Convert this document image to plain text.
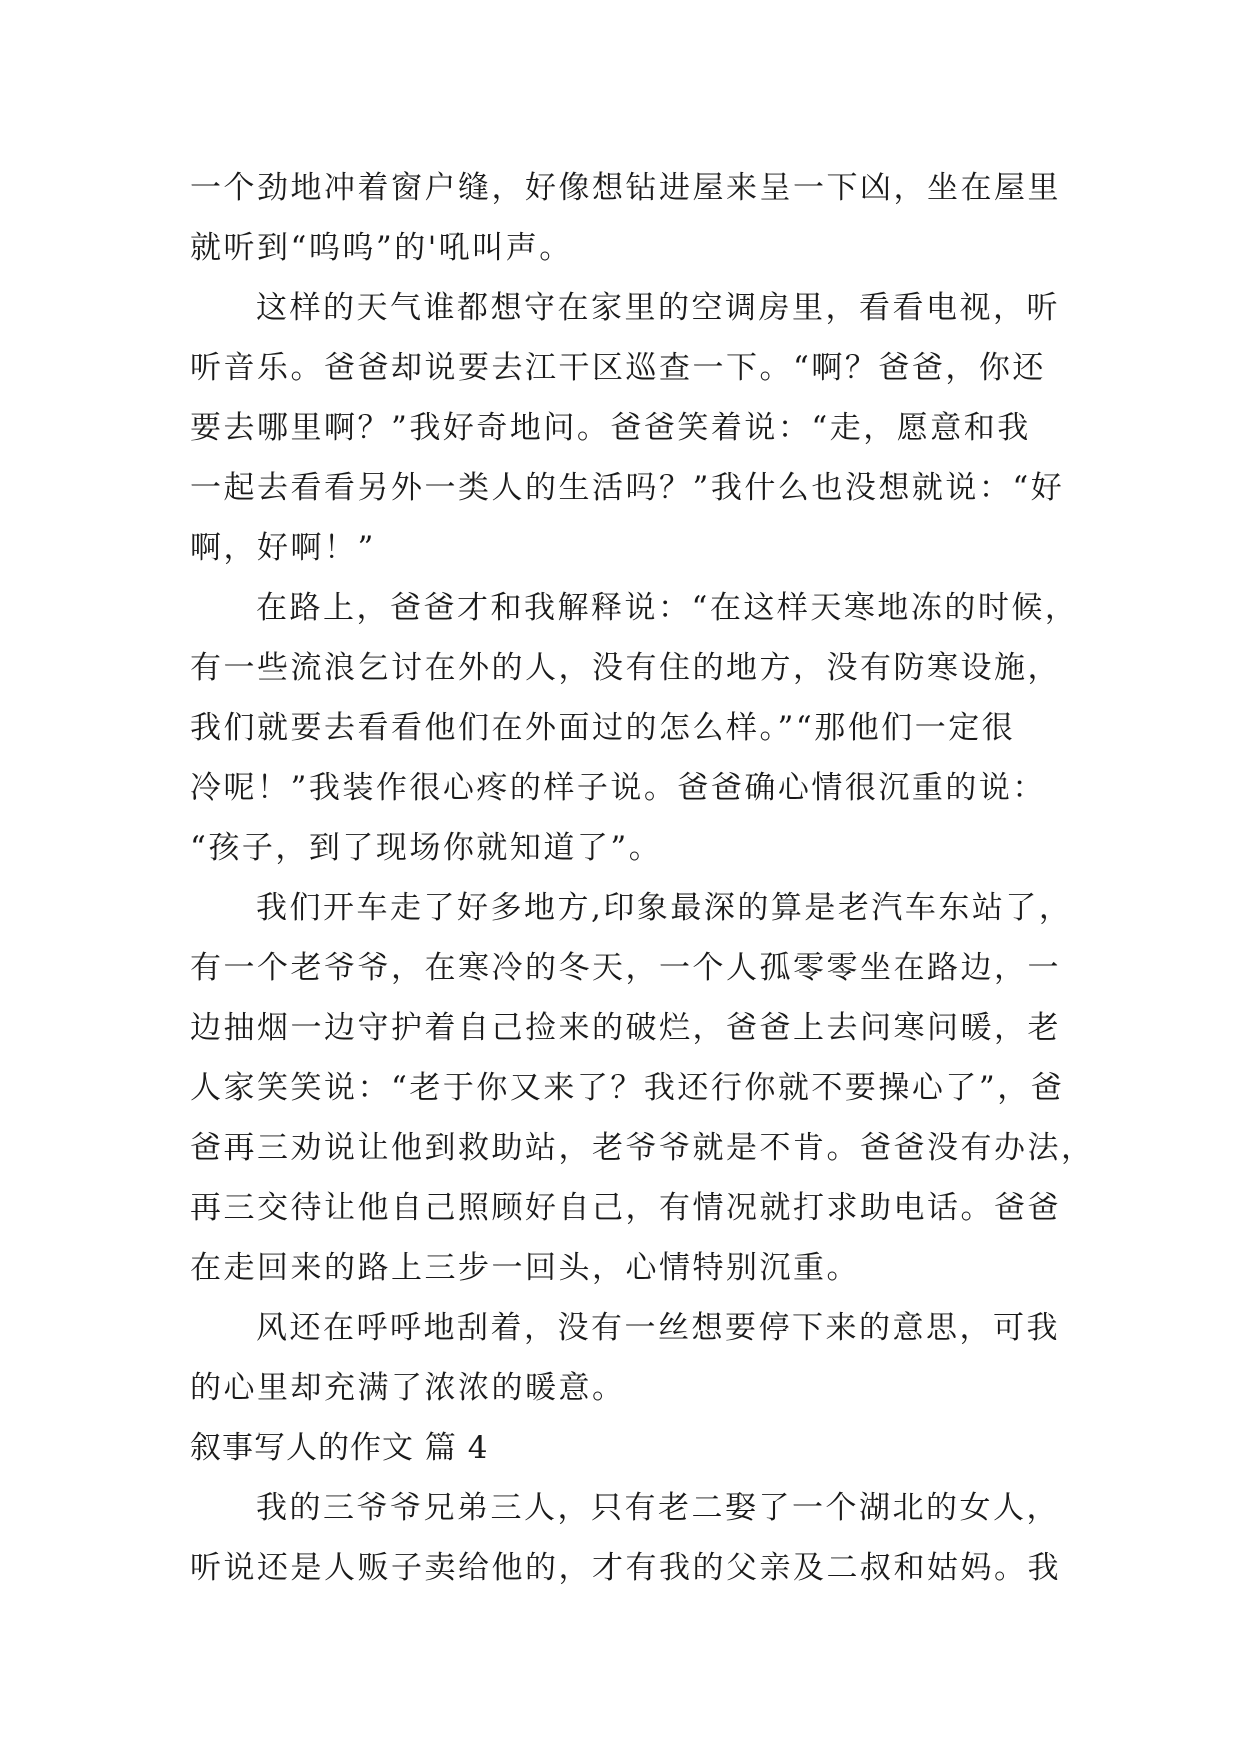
一个劲地冲着窗户缝，好像想钻进屋来呈一下凶，坐在屋里
就听到“呜呜”的'吼叫声。
这样的天气谁都想守在家里的空调房里，看看电视，听
听音乐。爸爸却说要去江干区巡查一下。“啊？爸爸，你还
要去哪里啊？”我好奇地问。爸爸笑着说：“走，愿意和我
一起去看看另外一类人的生活吗？”我什么也没想就说：“好
啊，好啊！”
在路上，爸爸才和我解释说：“在这样天寒地冻的时候，
有一些流浪乞讨在外的人，没有住的地方，没有防寒设施，
我们就要去看看他们在外面过的怎么样。”“那他们一定很
冷呢！”我装作很心疼的样子说。爸爸确心情很沉重的说：
“孩子，到了现场你就知道了”。
我们开车走了好多地方,印象最深的算是老汽车东站了，
有一个老爷爷，在寒冷的冬天，一个人孤零零坐在路边，一
边抽烟一边守护着自己捡来的破烂，爸爸上去问寒问暖，老
人家笑笑说：“老于你又来了？我还行你就不要操心了”，爸
爸再三劝说让他到救助站，老爷爷就是不肯。爸爸没有办法，
再三交待让他自己照顾好自己，有情况就打求助电话。爸爸
在走回来的路上三步一回头，心情特别沉重。
风还在呼呼地刮着，没有一丝想要停下来的意思，可我
的心里却充满了浓浓的暖意。
叙事写人的作文 篇 4
我的三爷爷兄弟三人，只有老二娶了一个湖北的女人，
听说还是人贩子卖给他的，才有我的父亲及二叔和姑妈。我
